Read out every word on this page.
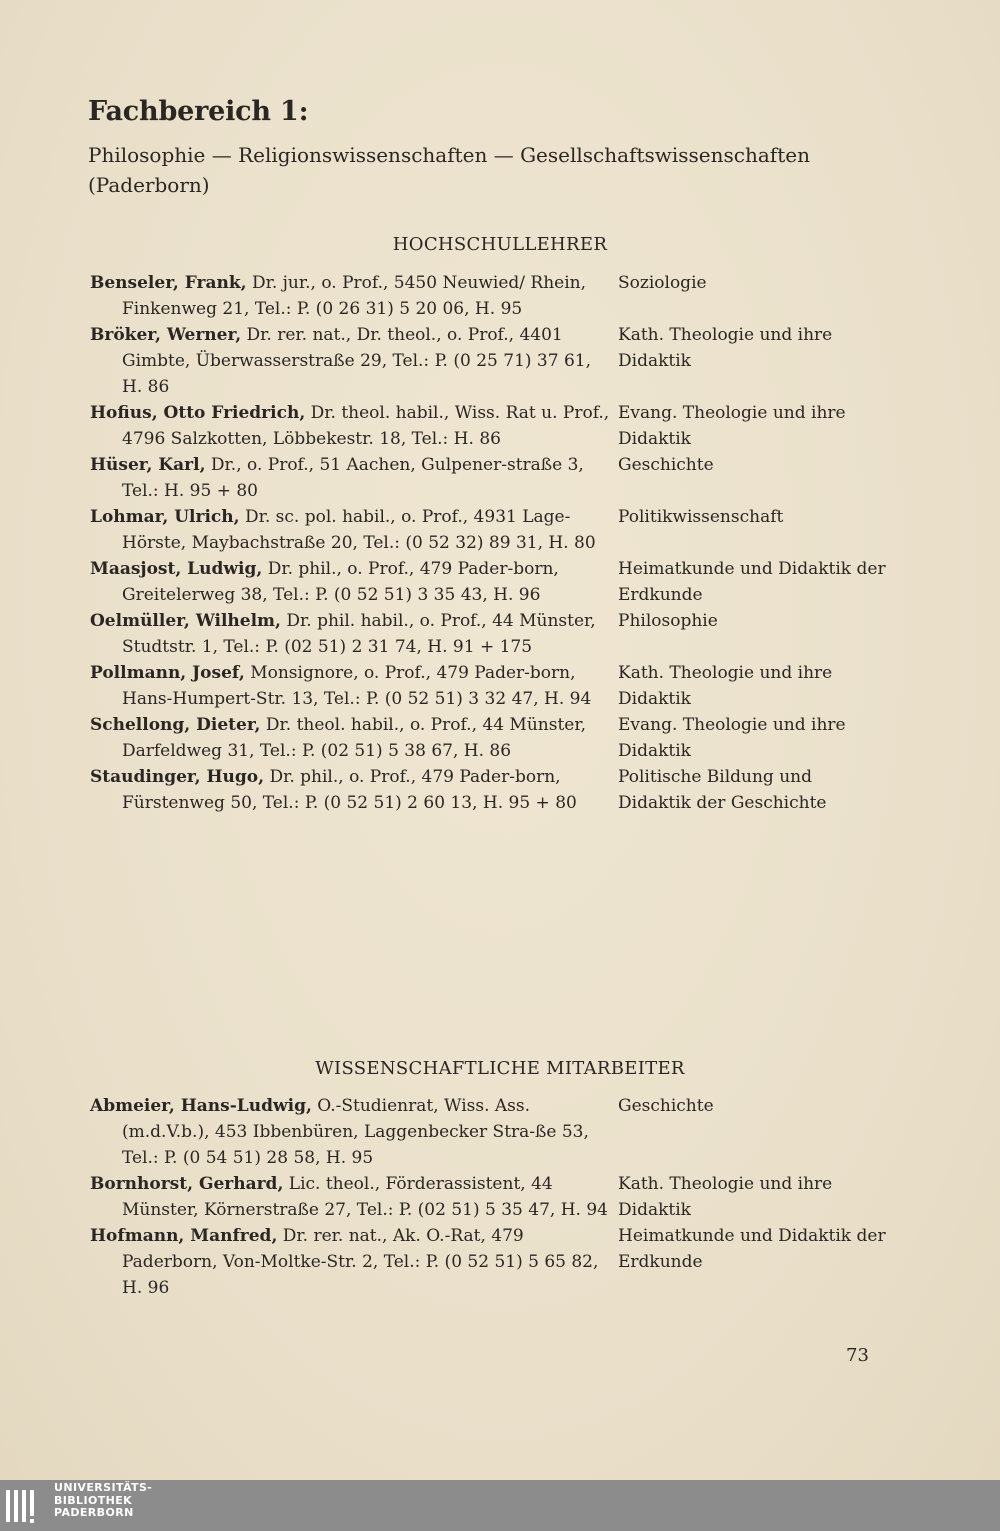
Fachbereich 1:
Philosophie — Religionswissenschaften — Gesellschaftswissenschaften
(Paderborn)
HOCHSCHULLEHRER
Benseler, Frank, Dr. jur., o. Prof., 5450 Neuwied/ Rhein, Finkenweg 21, Tel.: P. (0 26 31) 5 20 06, H. 95
Soziologie
Bröker, Werner, Dr. rer. nat., Dr. theol., o. Prof., 4401 Gimbte, Überwasserstraße 29, Tel.: P. (0 25 71) 37 61, H. 86
Kath. Theologie und ihre Didaktik
Hofius, Otto Friedrich, Dr. theol. habil., Wiss. Rat u. Prof., 4796 Salzkotten, Löbbekestr. 18, Tel.: H. 86
Evang. Theologie und ihre Didaktik
Hüser, Karl, Dr., o. Prof., 51 Aachen, Gulpener-straße 3, Tel.: H. 95 + 80
Geschichte
Lohmar, Ulrich, Dr. sc. pol. habil., o. Prof., 4931 Lage-Hörste, Maybachstraße 20, Tel.: (0 52 32) 89 31, H. 80
Politikwissenschaft
Maasjost, Ludwig, Dr. phil., o. Prof., 479 Pader-born, Greitelerweg 38, Tel.: P. (0 52 51) 3 35 43, H. 96
Heimatkunde und Didaktik der Erdkunde
Oelmüller, Wilhelm, Dr. phil. habil., o. Prof., 44 Münster, Studtstr. 1, Tel.: P. (02 51) 2 31 74, H. 91 + 175
Philosophie
Pollmann, Josef, Monsignore, o. Prof., 479 Pader-born, Hans-Humpert-Str. 13, Tel.: P. (0 52 51) 3 32 47, H. 94
Kath. Theologie und ihre Didaktik
Schellong, Dieter, Dr. theol. habil., o. Prof., 44 Münster, Darfeldweg 31, Tel.: P. (02 51) 5 38 67, H. 86
Evang. Theologie und ihre Didaktik
Staudinger, Hugo, Dr. phil., o. Prof., 479 Pader-born, Fürstenweg 50, Tel.: P. (0 52 51) 2 60 13, H. 95 + 80
Politische Bildung und Didaktik der Geschichte
WISSENSCHAFTLICHE MITARBEITER
Abmeier, Hans-Ludwig, O.-Studienrat, Wiss. Ass. (m.d.V.b.), 453 Ibbenbüren, Laggenbecker Stra-ße 53, Tel.: P. (0 54 51) 28 58, H. 95
Geschichte
Bornhorst, Gerhard, Lic. theol., Förderassistent, 44 Münster, Körnerstraße 27, Tel.: P. (02 51) 5 35 47, H. 94
Kath. Theologie und ihre Didaktik
Hofmann, Manfred, Dr. rer. nat., Ak. O.-Rat, 479 Paderborn, Von-Moltke-Str. 2, Tel.: P. (0 52 51) 5 65 82, H. 96
Heimatkunde und Didaktik der Erdkunde
73
UNIVERSITÄTS-
BIBLIOTHEK
PADERBORN
